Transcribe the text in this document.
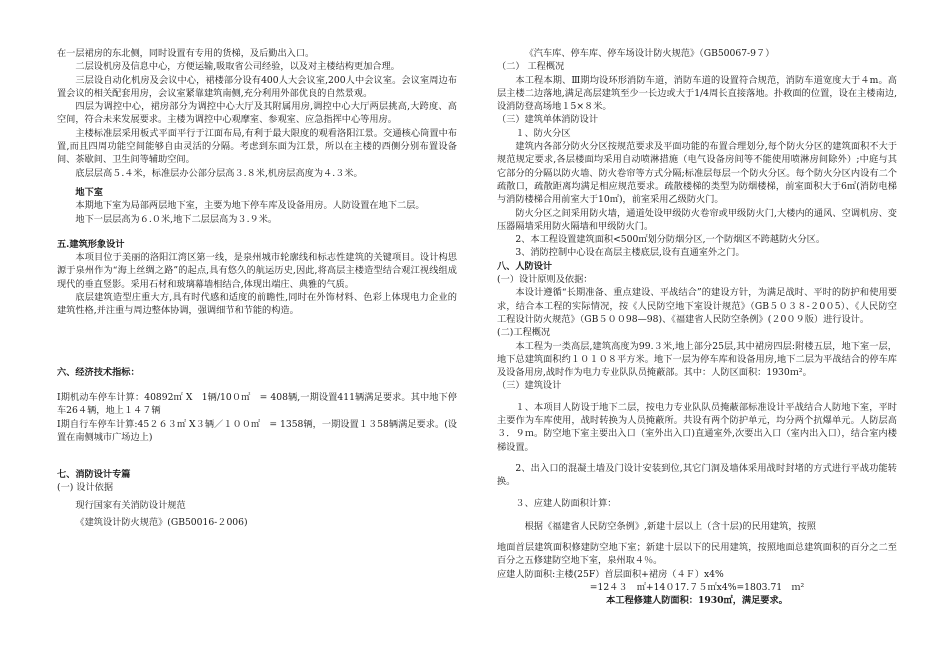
在一层裙房的东北侧，同时设置有专用的货梯，及后勤出入口。

二层设机房及信息中心，方便运输,吸取省公司经验，以及对主楼结构更加合理。

三层设自动化机房及会议中心，裙楼部分设有400人大会议室,200人中会议室。会议室周边布置会议的相关配套用房，会议室紧靠建筑南侧,充分利用外部优良的自然景观。

四层为调控中心，裙房部分为调控中心大厅及其附属用房,调控中心大厅两层挑高,大跨度、高空间，符合未来发展要求。主楼为调控中心观摩室、参观室、应急指挥中心等用房。

主楼标准层采用板式平面平行于江面布局,有利于最大限度的观看洛阳江景。交通核心筒置中布置,而且四周功能空间能够自由灵活的分隔。考虑到东面为江景，所以在主楼的西侧分别布置设备间、茶歇间、卫生间等辅助空间。

底层层高５.４米，标准层办公部分层高３.８米,机房层高度为４.３米。

地下室

本期地下室为局部两层地下室，主要为地下停车库及设备用房。人防设置在地下二层。

地下一层层高为６.０米,地下二层层高为３.９米。

五.建筑形象设计

本项目位于美丽的洛阳江湾区第一线，是泉州城市轮廓线和标志性建筑的关键项目。设计构思源于泉州作为“海上丝绸之路”的起点,具有悠久的航运历史,因此,将高层主楼造型结合观江视线组成现代的垂直竖影。采用石材和玻璃幕墙相结合,体现出端庄、典雅的气质。

底层建筑造型庄重大方,具有时代感和适度的前瞻性,同时在外饰材料、色彩上体现电力企业的建筑性格,并注重与周边整体协调，强调细节和节能的构造。

六、经济技术指标：

Ⅰ期机动车停车计算：40892㎡ Ⅹ　1辆/10０㎡　= 408辆,一期设置411辆满足要求。其中地下停车26４辆，地上１４７辆

Ⅰ期自行车停车计算:45２６３㎡ Ⅹ３辆／１００㎡　= 1358辆，一期设置１３58辆满足要求。(设置在南侧城市广场边上)

七、消防设计专篇

(一) 设计依据

现行国家有关消防设计规范

《建筑设计防火规范》(GB50016-２006)

《汽车库、停车库、停车场设计防火规范》（GB50067-9７）

（二） 工程概况

本工程本期、Ⅲ期均设环形消防车道，消防车道的设置符合规范，消防车道宽度大于４m。高层主楼二边落地,满足高层建筑至少一长边或大于1/4周长直接落地。扑救面的位置，设在主楼南边,设消防登高场地１5×８米。

（三）建筑单体消防设计

１、防火分区

建筑内各部分防火分区按规范要求及平面功能的布置合理划分,每个防火分区的建筑面积不大于规范规定要求,各层楼面均采用自动喷淋措施（电气设备房间等不能使用喷淋房间除外）;中庭与其它部分的分隔以防火墙、防火卷帘等方式分隔;标准层每层一个防火分区。每个防火分区内设有二个疏散口，疏散距离均满足相应规范要求。疏散楼梯的类型为防烟楼梯，前室面积大于6㎡(消防电梯与消防楼梯合用前室大于10㎡)，前室采用乙级防火门。

防火分区之间采用防火墙，通道处设甲级防火卷帘或甲级防火门,大楼内的通风、空调机房、变压器隔墙采用防火隔墙和甲级防火门。

2、本工程设置建筑面积<500㎡划分防烟分区,一个防烟区不跨越防火分区。

3、消防控制中心设在高层主楼底层,设有直通室外之门。

八、人防设计

(一）设计原则及依据：

本设计遵循“长期准备、重点建设、平战结合”的建设方针，为满足战时、平时的防护和使用要求，结合本工程的实际情况，按《人民防空地下室设计规范》（GB５０３８-２0０5）、《人民防空工程设计防火规范》（GB５００98—98)、《福建省人民防空条例》(２0０９版）进行设计。

(二)工程概况

本工程为一类高层,建筑高度为99.３米,地上部分25层,其中裙房四层:附楼五层，地下室一层，地下总建筑面积约１０１０８平方米。地下一层为停车库和设备用房,地下二层为平战结合的停车库及设备用房,战时作为电力专业队队员掩蔽部。其中：人防区面积：1930ｍ²。

（三）建筑设计

１、本项目人防设于地下二层，按电力专业队队员掩蔽部标准设计平战结合人防地下室，平时主要作为车库使用，战时转换为人员掩蔽所。共设有两个防护单元，均分两个抗爆单元。人防层高３．９ｍ。防空地下室主要出入口（室外出入口)直通室外,次要出入口（室内出入口），结合室内楼梯设置。

2、出入口的混凝土墙及门设计安装到位,其它门洞及墙体采用战时封堵的方式进行平战功能转换。

３、应建人防面积计算：

根据《福建省人民防空条例》,新建十层以上（含十层)的民用建筑，按照

地面首层建筑面积修建防空地下室；新建十层以下的民用建筑，按照地面总建筑面积的百分之二至百分之五修建防空地下室，泉州取４％。

应建人防面积:主楼(25F）首层面积+裙房（４Ｆ）x4%

=12４３　㎡+14０17.７５㎡x4%=1803.71　ｍ²

本工程修建人防面积：1930㎡，满足要求。
